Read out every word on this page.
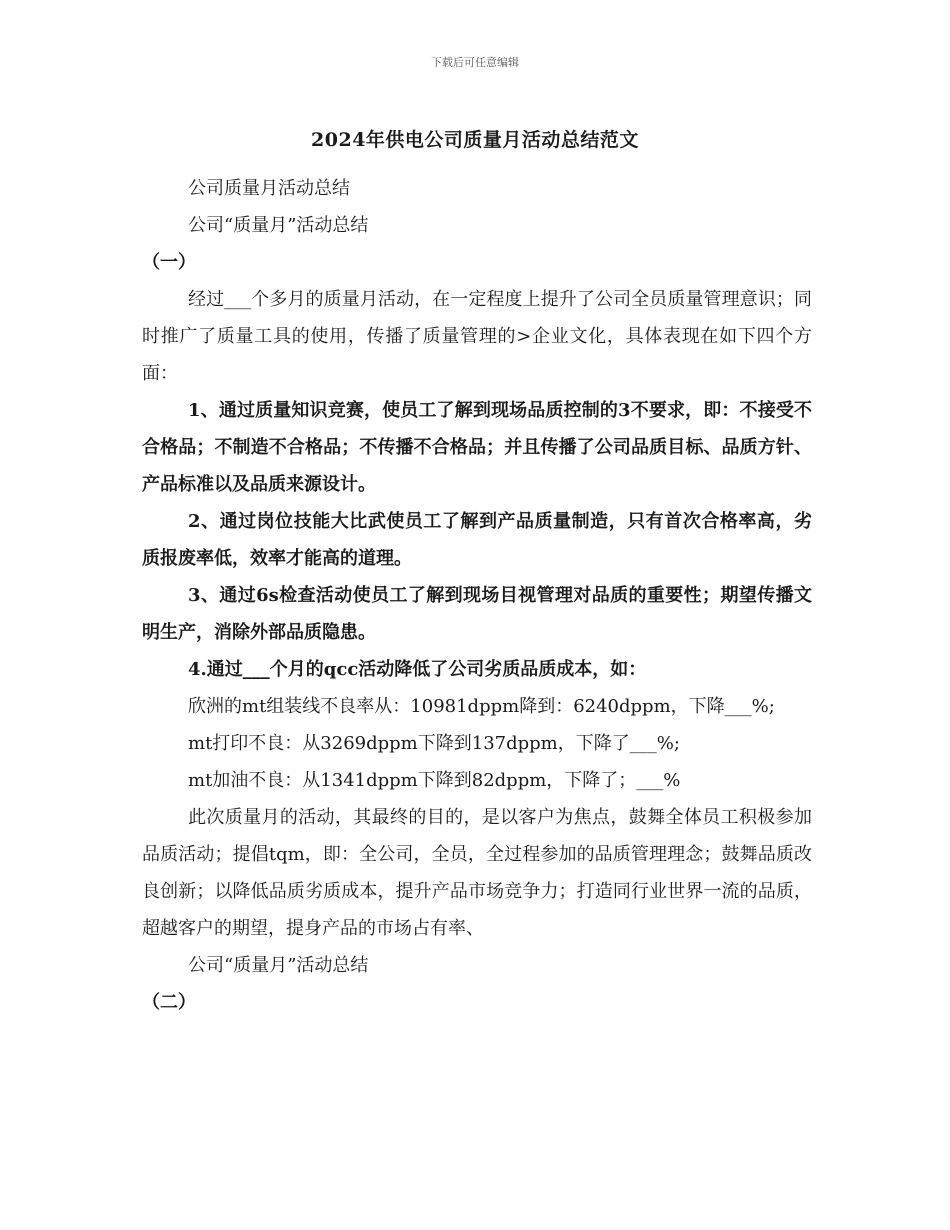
下载后可任意编辑
2024年供电公司质量月活动总结范文

公司质量月活动总结

公司“质量月”活动总结

（一）

经过___个多月的质量月活动，在一定程度上提升了公司全员质量管理意识；同时推广了质量工具的使用，传播了质量管理的>企业文化，具体表现在如下四个方面：

1、通过质量知识竞赛，使员工了解到现场品质控制的3不要求，即：不接受不合格品；不制造不合格品；不传播不合格品；并且传播了公司品质目标、品质方针、产品标准以及品质来源设计。

2、通过岗位技能大比武使员工了解到产品质量制造，只有首次合格率高，劣质报废率低，效率才能高的道理。

3、通过6s检查活动使员工了解到现场目视管理对品质的重要性；期望传播文明生产，消除外部品质隐患。

4.通过___个月的qcc活动降低了公司劣质品质成本，如：

欣洲的mt组装线不良率从：10981dppm降到：6240dppm，下降___%;

mt打印不良：从3269dppm下降到137dppm，下降了___%;

mt加油不良：从1341dppm下降到82dppm，下降了；___%

此次质量月的活动，其最终的目的，是以客户为焦点，鼓舞全体员工积极参加品质活动；提倡tqm，即：全公司，全员，全过程参加的品质管理理念；鼓舞品质改良创新；以降低品质劣质成本，提升产品市场竞争力；打造同行业世界一流的品质，超越客户的期望，提身产品的市场占有率、

公司“质量月”活动总结

（二）
